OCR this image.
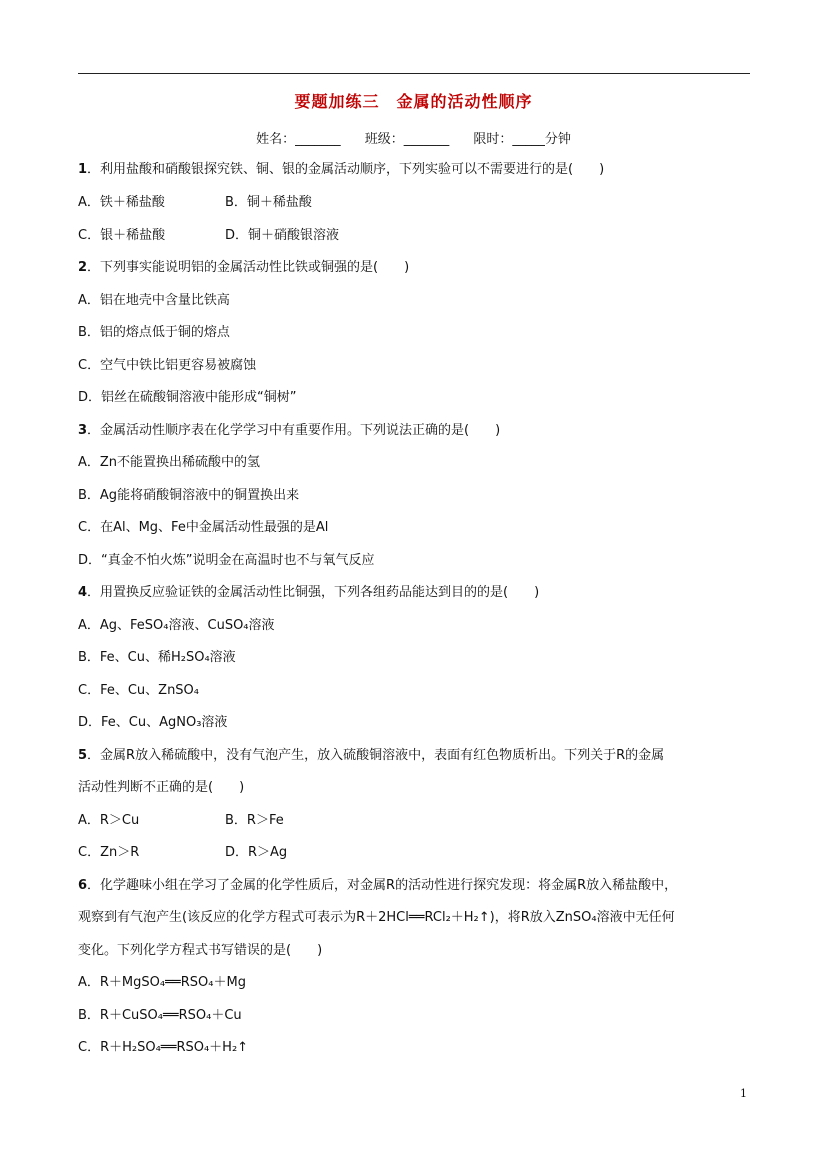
要题加练三　金属的活动性顺序
姓名：_______ 班级：_______ 限时：_____分钟
1．利用盐酸和硝酸银探究铁、铜、银的金属活动顺序，下列实验可以不需要进行的是(　　)
A．铁＋稀盐酸	B．铜＋稀盐酸
C．银＋稀盐酸	D．铜＋硝酸银溶液
2．下列事实能说明铝的金属活动性比铁或铜强的是(　　)
A．铝在地壳中含量比铁高
B．铝的熔点低于铜的熔点
C．空气中铁比铝更容易被腐蚀
D．铝丝在硫酸铜溶液中能形成“铜树”
3．金属活动性顺序表在化学学习中有重要作用。下列说法正确的是(　　)
A．Zn不能置换出稀硫酸中的氢
B．Ag能将硝酸铜溶液中的铜置换出来
C．在Al、Mg、Fe中金属活动性最强的是Al
D．“真金不怕火炼”说明金在高温时也不与氧气反应
4．用置换反应验证铁的金属活动性比铜强，下列各组药品能达到目的的是(　　)
A．Ag、FeSO₄溶液、CuSO₄溶液
B．Fe、Cu、稀H₂SO₄溶液
C．Fe、Cu、ZnSO₄
D．Fe、Cu、AgNO₃溶液
5．金属R放入稀硫酸中，没有气泡产生，放入硫酸铜溶液中，表面有红色物质析出。下列关于R的金属
活动性判断不正确的是(　　)
A．R＞Cu	B．R＞Fe
C．Zn＞R	D．R＞Ag
6．化学趣味小组在学习了金属的化学性质后，对金属R的活动性进行探究发现：将金属R放入稀盐酸中，
观察到有气泡产生(该反应的化学方程式可表示为R＋2HCl══RCl₂＋H₂↑)，将R放入ZnSO₄溶液中无任何
变化。下列化学方程式书写错误的是(　　)
A．R＋MgSO₄══RSO₄＋Mg
B．R＋CuSO₄══RSO₄＋Cu
C．R＋H₂SO₄══RSO₄＋H₂↑
1
